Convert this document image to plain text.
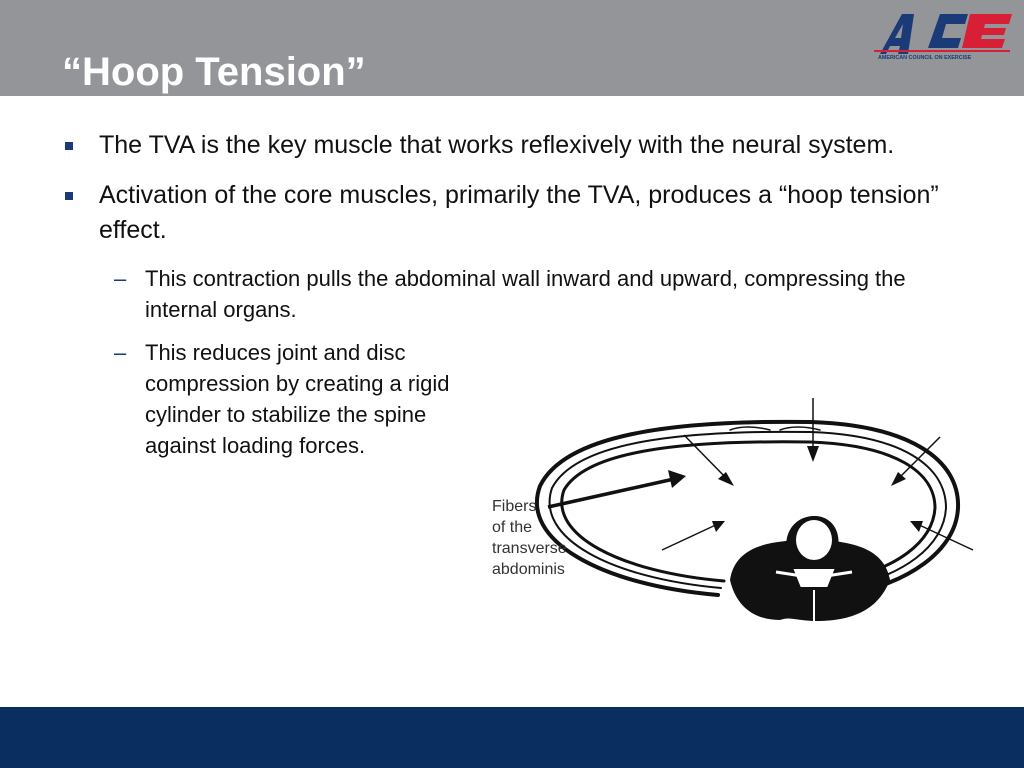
“Hoop Tension”	AMERICAN COUNCIL ON EXERCISE
The TVA is the key muscle that works reflexively with the neural system.
Activation of the core muscles, primarily the TVA, produces a “hoop tension” effect.
– This contraction pulls the abdominal wall inward and upward, compressing the internal organs.
– This reduces joint and disc compression by creating a rigid cylinder to stabilize the spine against loading forces.
Fibers
of the
transverse
abdominis
